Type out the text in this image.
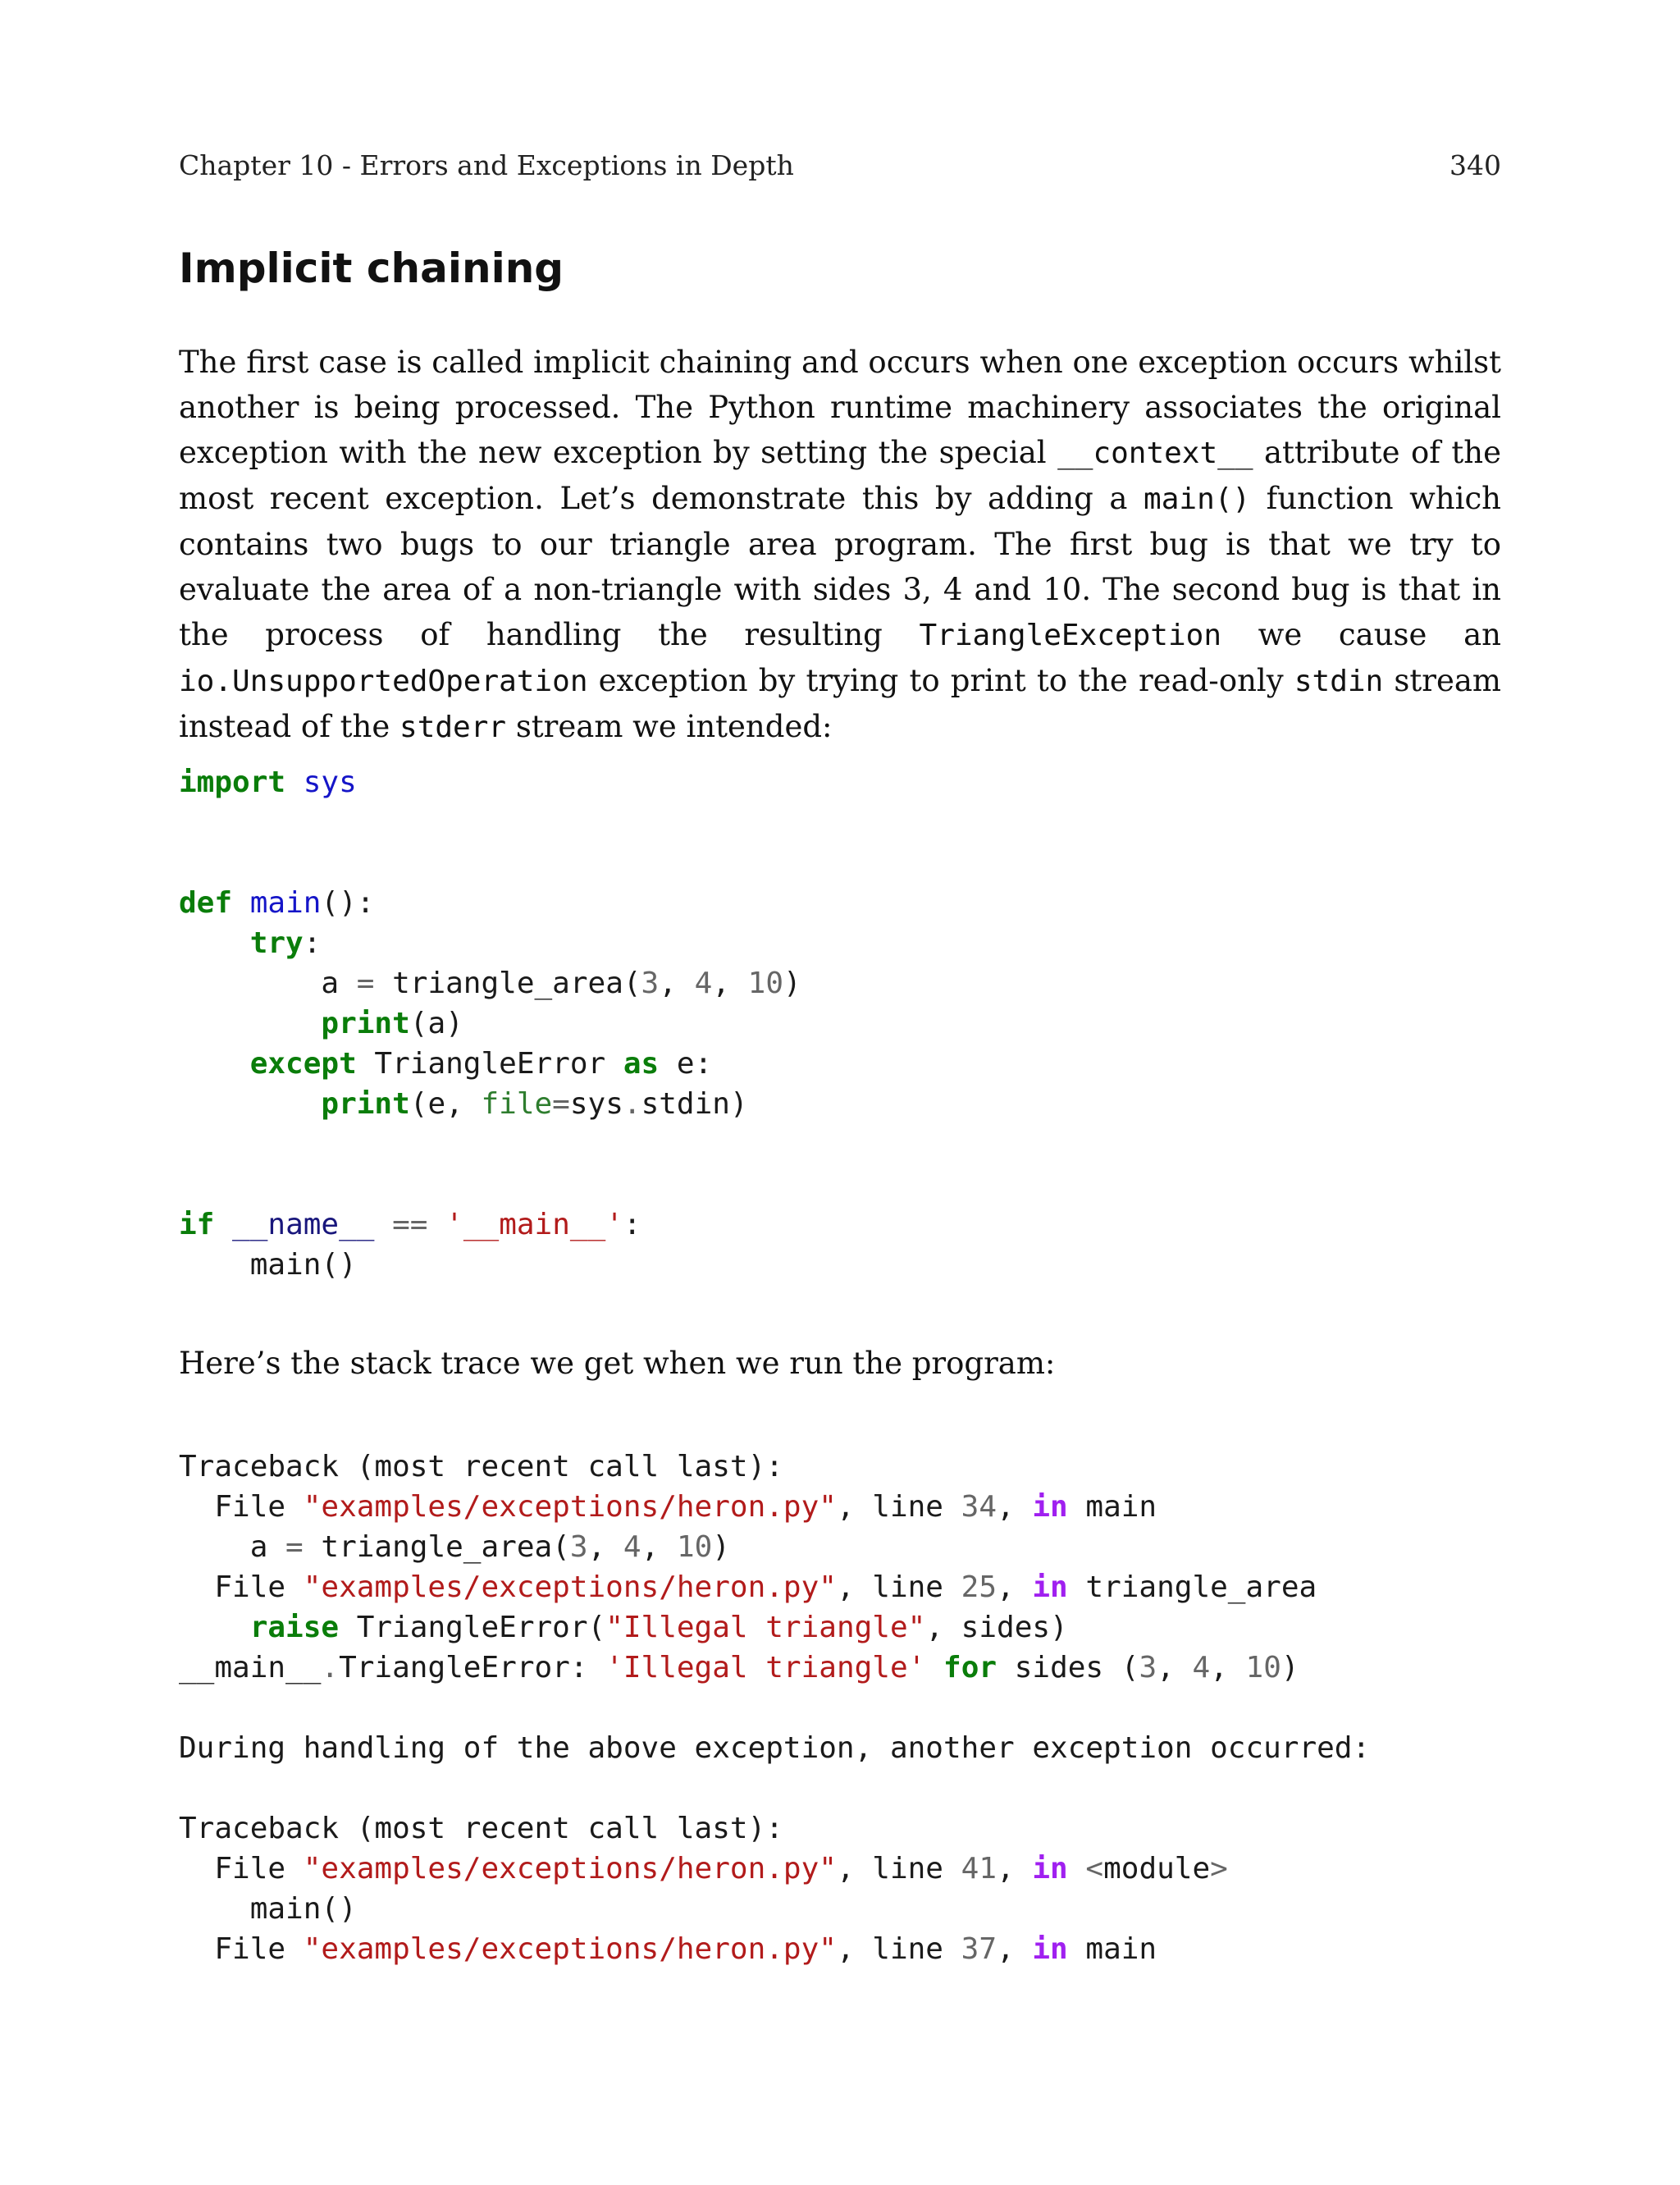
Chapter 10 - Errors and Exceptions in Depth	340
Implicit chaining

The first case is called implicit chaining and occurs when one exception occurs whilst another is being processed. The Python runtime machinery associates the original exception with the new exception by setting the special __context__ attribute of the most recent exception. Let’s demonstrate this by adding a main() function which contains two bugs to our triangle area program. The first bug is that we try to evaluate the area of a non-triangle with sides 3, 4 and 10. The second bug is that in the process of handling the resulting TriangleException we cause an io.UnsupportedOperation exception by trying to print to the read-only stdin stream instead of the stderr stream we intended:

import sys

def main():
try:
a = triangle_area(3, 4, 10)
print(a)
except TriangleError as e:
print(e, file=sys.stdin)

if __name__ == '__main__':
main()

Here’s the stack trace we get when we run the program:

Traceback (most recent call last):
File "examples/exceptions/heron.py", line 34, in main
a = triangle_area(3, 4, 10)
File "examples/exceptions/heron.py", line 25, in triangle_area
raise TriangleError("Illegal triangle", sides)
__main__.TriangleError: 'Illegal triangle' for sides (3, 4, 10)

During handling of the above exception, another exception occurred:

Traceback (most recent call last):
File "examples/exceptions/heron.py", line 41, in <module>
main()
File "examples/exceptions/heron.py", line 37, in main
